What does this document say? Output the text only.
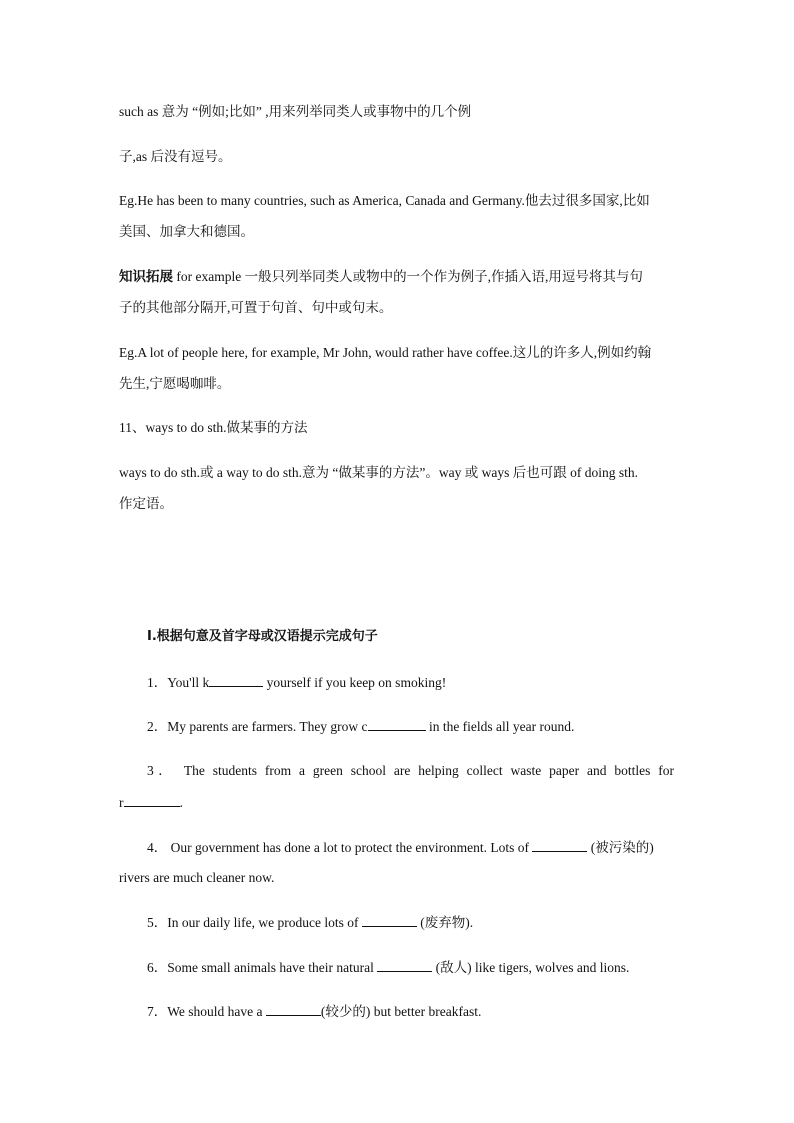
such as 意为 “例如;比如” ,用来列举同类人或事物中的几个例
子,as 后没有逗号。
Eg.He has been to many countries, such as America, Canada and Germany.他去过很多国家,比如
美国、加拿大和德国。
知识拓展 for example 一般只列举同类人或物中的一个作为例子,作插入语,用逗号将其与句
子的其他部分隔开,可置于句首、句中或句末。
Eg.A lot of people here, for example, Mr John, would rather have coffee.这儿的许多人,例如约翰
先生,宁愿喝咖啡。
11、ways to do sth.做某事的方法
ways to do sth.或 a way to do sth.意为 “做某事的方法”。way 或 ways 后也可跟 of doing sth.
作定语。
Ⅰ.根据句意及首字母或汉语提示完成句子
1．You'll k	yourself if you keep on smoking!
2．My parents are farmers. They grow c	in the fields all year round.
3． The students from a green school are helping collect waste paper and bottles for
r	.
4． Our government has done a lot to protect the environment. Lots of	(被污染的)
rivers are much cleaner now.
5．In our daily life, we produce lots of	(废弃物).
6．Some small animals have their natural	(敌人) like tigers, wolves and lions.
7．We should have a	(较少的) but better breakfast.
